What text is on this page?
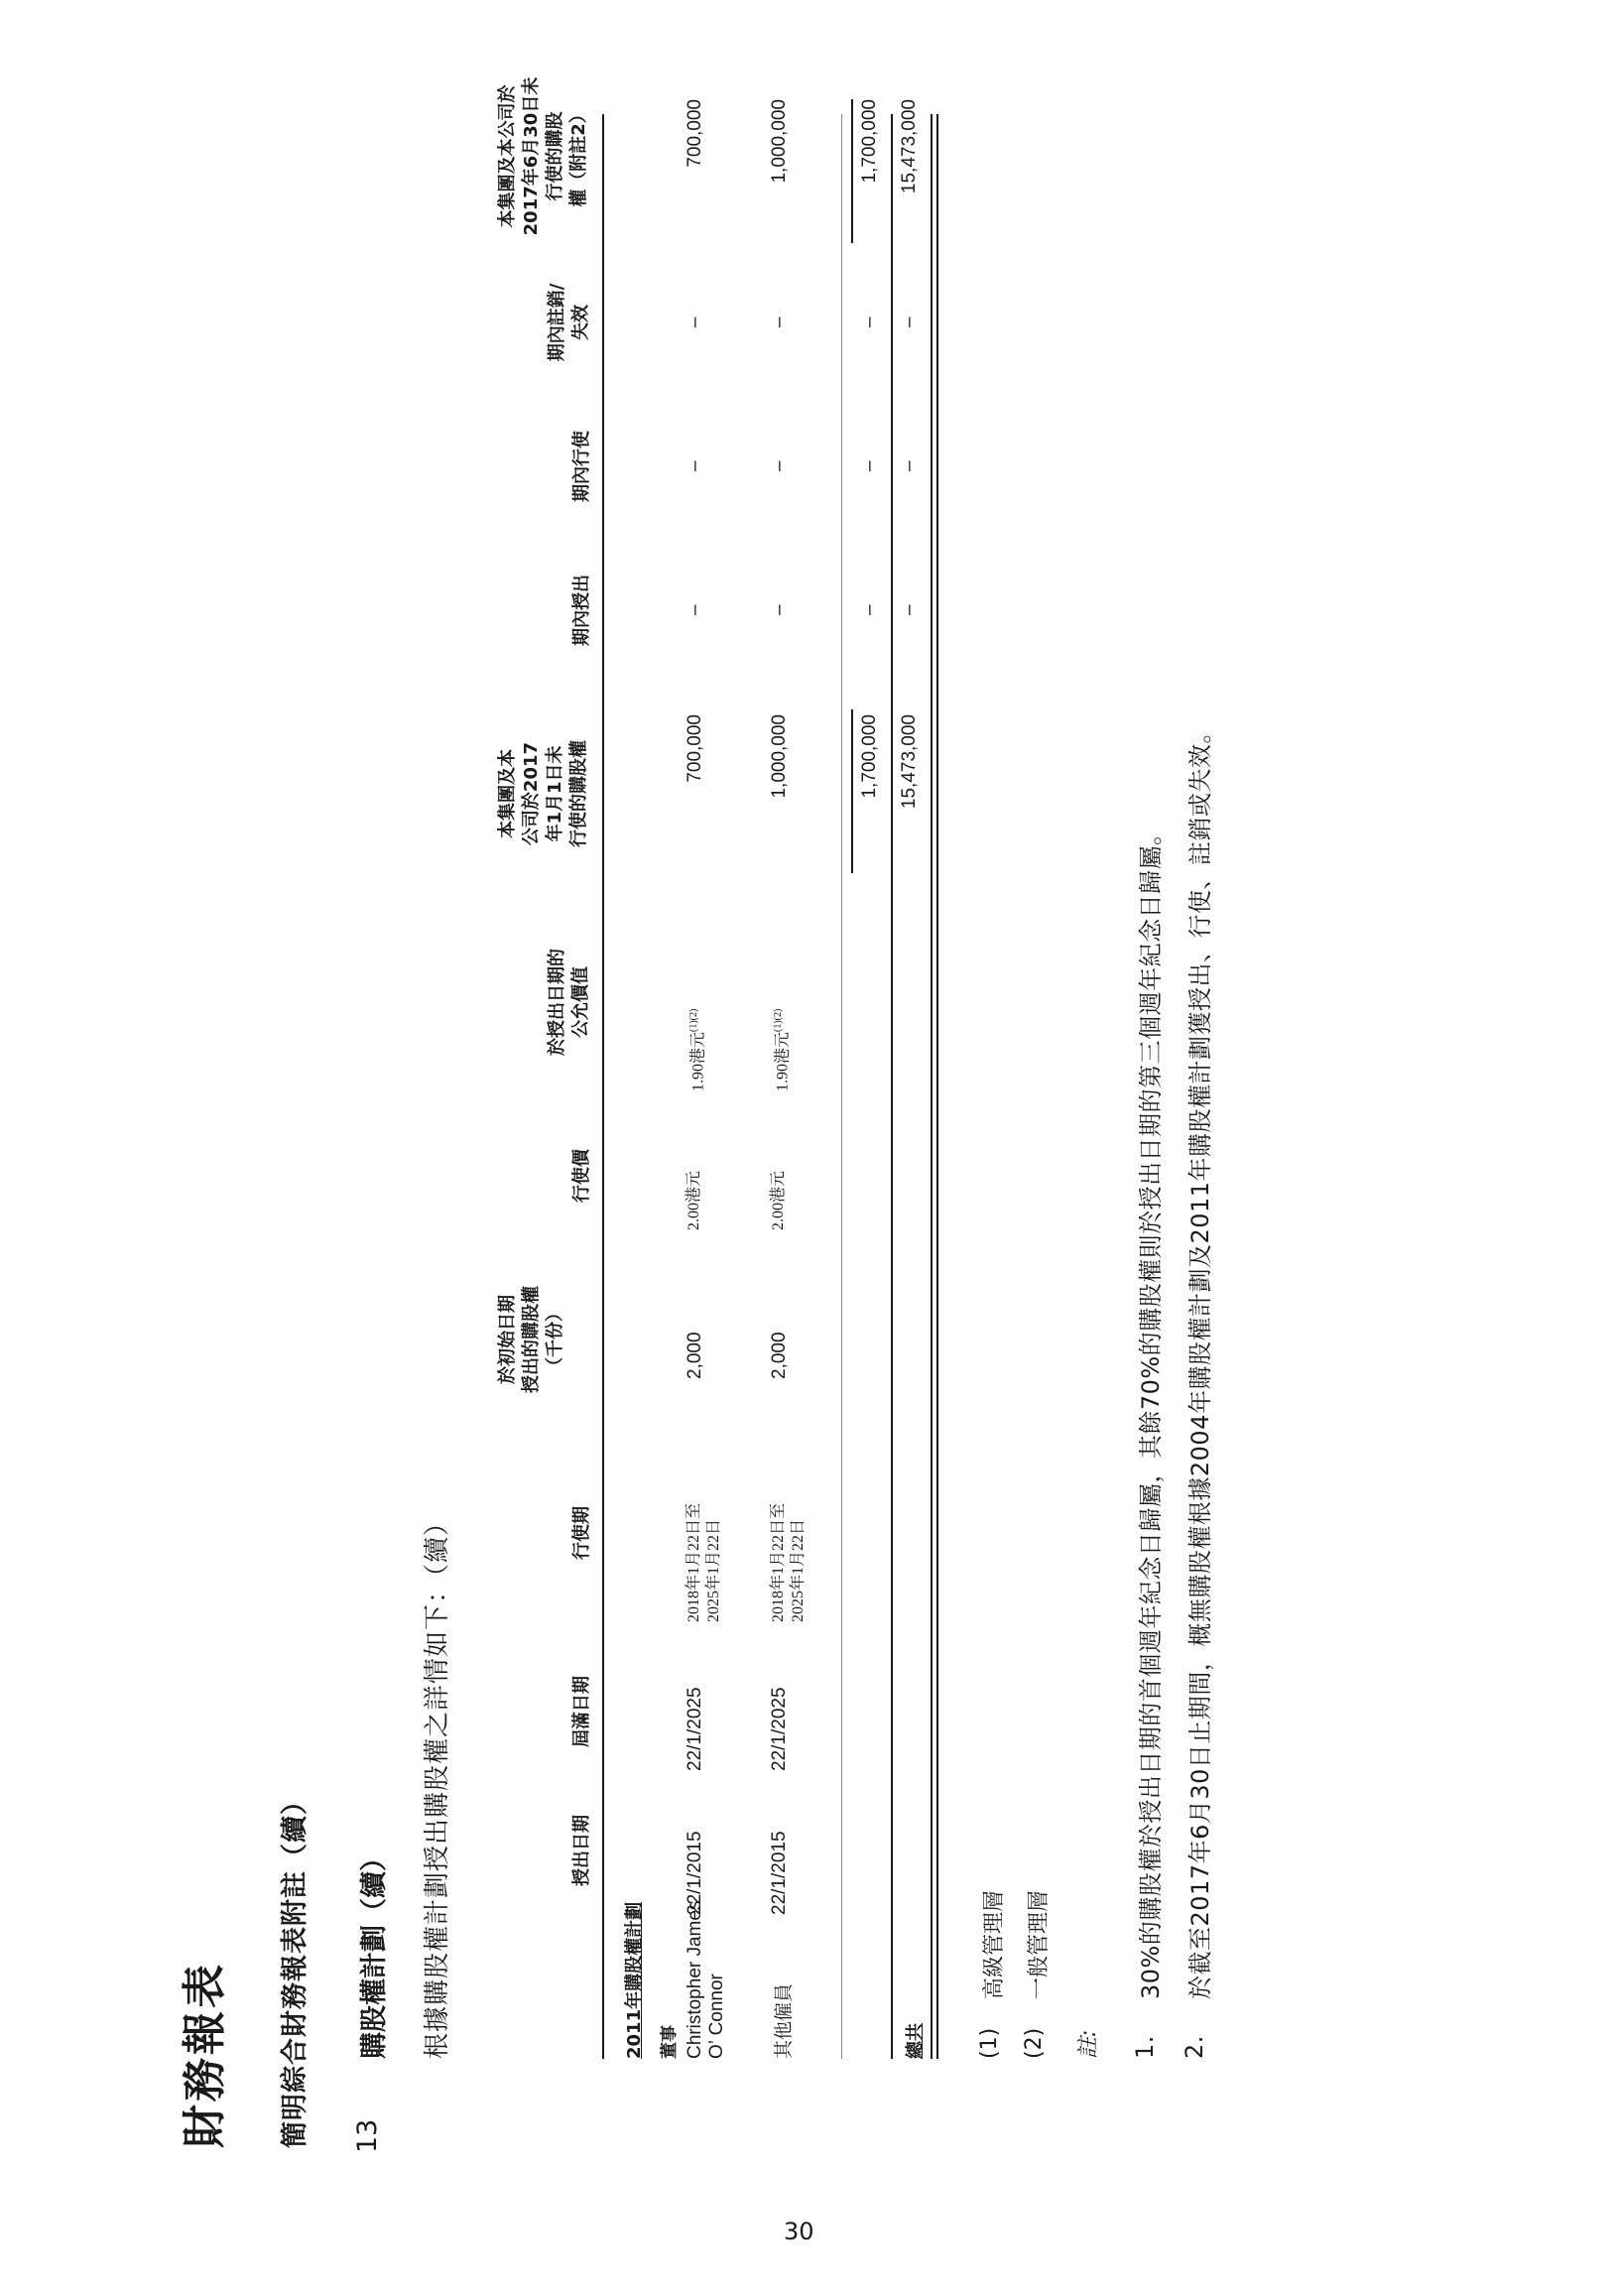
財務報表 簡明綜合財務報表附註（續） 13
購股權計劃（續） 根據購股權計劃授出購股權之詳情如下：（續）	授出日期
屆滿日期
行使期
於初始日期 授出的購股權 （千份）
行使價
於授出日期的 公允價值
本集團及本 公司於2017 年1月1日未 行使的購股權
期內授出
期內行使
期內註銷/ 失效
本集團及本公司於 2017年6月30日未 行使的購股 權（附註2）
2011年購股權計劃 董事 Christopher James O’ Connor
22/1/2015
22/1/2025
2018年1月22日至 2025年1月22日
2,000
2.00港元
1.90港元$^{(1)(2)}$
700,000
–
–
–
700,000
其他僱員
22/1/2015
22/1/2025
2018年1月22日至 2025年1月22日
2,000
2.00港元
1.90港元$^{(1)(2)}$
1,000,000
–
–
–
1,000,000
1,700,000
–
–
–
1,700,000
總共
15,473,000
–
–
–
15,473,000
(1)
高級管理層
(2)
一般管理層
註: 1.
30%的購股權於授出日期的首個週年紀念日歸屬，其餘70%的購股權則於授出日期的第三個週年紀念日歸屬。
2.
於截至2017年6月30日止期間，概無購股權根據2004年購股權計劃及2011年購股權計劃獲授出、行使、註銷或失效。
30
